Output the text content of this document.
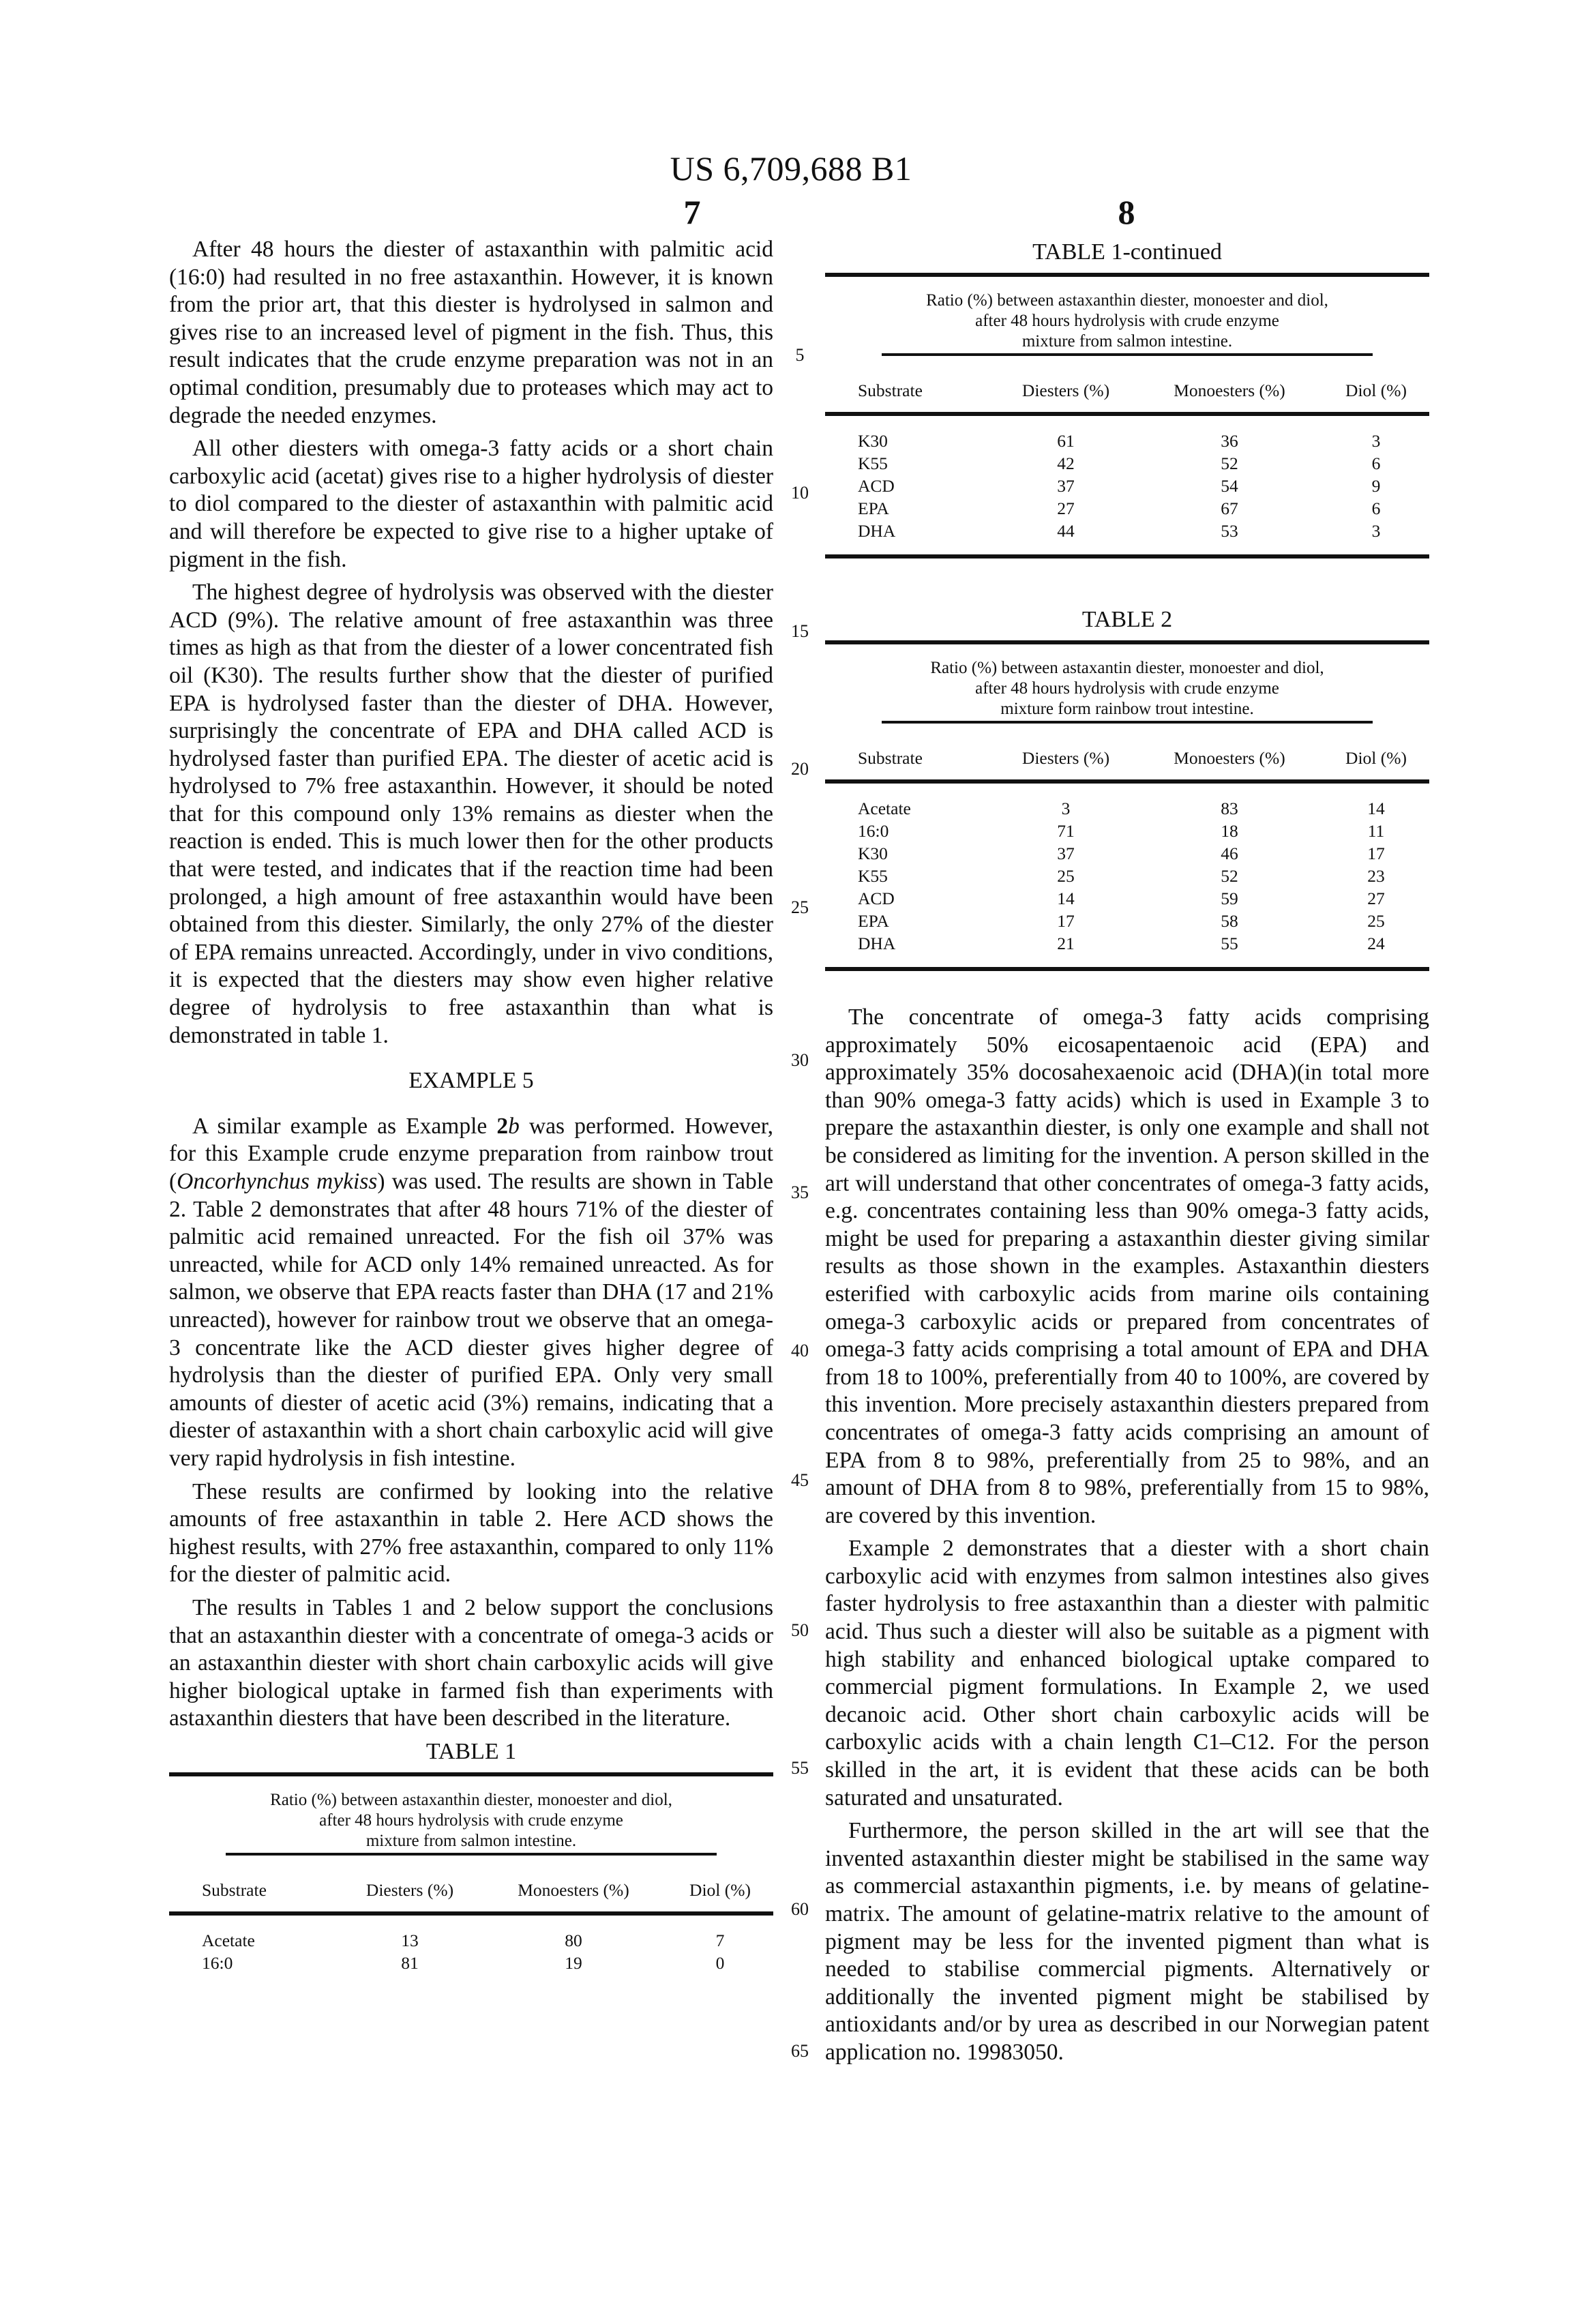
US 6,709,688 B1
7	8

After 48 hours the diester of astaxanthin with palmitic acid (16:0) had resulted in no free astaxanthin. However, it is known from the prior art, that this diester is hydrolysed in salmon and gives rise to an increased level of pigment in the fish. Thus, this result indicates that the crude enzyme preparation was not in an optimal condition, presumably due to proteases which may act to degrade the needed enzymes.

All other diesters with omega-3 fatty acids or a short chain carboxylic acid (acetat) gives rise to a higher hydrolysis of diester to diol compared to the diester of astaxanthin with palmitic acid and will therefore be expected to give rise to a higher uptake of pigment in the fish.

The highest degree of hydrolysis was observed with the diester ACD (9%). The relative amount of free astaxanthin was three times as high as that from the diester of a lower concentrated fish oil (K30). The results further show that the diester of purified EPA is hydrolysed faster than the diester of DHA. However, surprisingly the concentrate of EPA and DHA called ACD is hydrolysed faster than purified EPA. The diester of acetic acid is hydrolysed to 7% free astaxanthin. However, it should be noted that for this compound only 13% remains as diester when the reaction is ended. This is much lower then for the other products that were tested, and indicates that if the reaction time had been prolonged, a high amount of free astaxanthin would have been obtained from this diester. Similarly, the only 27% of the diester of EPA remains unreacted. Accordingly, under in vivo conditions, it is expected that the diesters may show even higher relative degree of hydrolysis to free astaxanthin than what is demonstrated in table 1.

EXAMPLE 5

A similar example as Example 2b was performed. However, for this Example crude enzyme preparation from rainbow trout (Oncorhynchus mykiss) was used. The results are shown in Table 2. Table 2 demonstrates that after 48 hours 71% of the diester of palmitic acid remained unreacted. For the fish oil 37% was unreacted, while for ACD only 14% remained unreacted. As for salmon, we observe that EPA reacts faster than DHA (17 and 21% unreacted), however for rainbow trout we observe that an omega-3 concentrate like the ACD diester gives higher degree of hydrolysis than the diester of purified EPA. Only very small amounts of diester of acetic acid (3%) remains, indicating that a diester of astaxanthin with a short chain carboxylic acid will give very rapid hydrolysis in fish intestine.

These results are confirmed by looking into the relative amounts of free astaxanthin in table 2. Here ACD shows the highest results, with 27% free astaxanthin, compared to only 11% for the diester of palmitic acid.

The results in Tables 1 and 2 below support the conclusions that an astaxanthin diester with a concentrate of omega-3 acids or an astaxanthin diester with short chain carboxylic acids will give higher biological uptake in farmed fish than experiments with astaxanthin diesters that have been described in the literature.

TABLE 1
Ratio (%) between astaxanthin diester, monoester and diol,
after 48 hours hydrolysis with crude enzyme
mixture from salmon intestine.
Substrate	Diesters (%)	Monoesters (%)	Diol (%)
Acetate	13	80	7
16:0	81	19	0
5
10
15
20
25
30
35
40
45
50
55
60
65
TABLE 1-continued
Ratio (%) between astaxanthin diester, monoester and diol,
after 48 hours hydrolysis with crude enzyme
mixture from salmon intestine.
Substrate	Diesters (%)	Monoesters (%)	Diol (%)
K30	61	36	3
K55	42	52	6
ACD	37	54	9
EPA	27	67	6
DHA	44	53	3
TABLE 2
Ratio (%) between astaxantin diester, monoester and diol,
after 48 hours hydrolysis with crude enzyme
mixture form rainbow trout intestine.
Substrate	Diesters (%)	Monoesters (%)	Diol (%)
Acetate	3	83	14
16:0	71	18	11
K30	37	46	17
K55	25	52	23
ACD	14	59	27
EPA	17	58	25
DHA	21	55	24

The concentrate of omega-3 fatty acids comprising approximately 50% eicosapentaenoic acid (EPA) and approximately 35% docosahexaenoic acid (DHA)(in total more than 90% omega-3 fatty acids) which is used in Example 3 to prepare the astaxanthin diester, is only one example and shall not be considered as limiting for the invention. A person skilled in the art will understand that other concentrates of omega-3 fatty acids, e.g. concentrates containing less than 90% omega-3 fatty acids, might be used for preparing a astaxanthin diester giving similar results as those shown in the examples. Astaxanthin diesters esterified with carboxylic acids from marine oils containing omega-3 carboxylic acids or prepared from concentrates of omega-3 fatty acids comprising a total amount of EPA and DHA from 18 to 100%, preferentially from 40 to 100%, are covered by this invention. More precisely astaxanthin diesters prepared from concentrates of omega-3 fatty acids comprising an amount of EPA from 8 to 98%, preferentially from 25 to 98%, and an amount of DHA from 8 to 98%, preferentially from 15 to 98%, are covered by this invention.

Example 2 demonstrates that a diester with a short chain carboxylic acid with enzymes from salmon intestines also gives faster hydrolysis to free astaxanthin than a diester with palmitic acid. Thus such a diester will also be suitable as a pigment with high stability and enhanced biological uptake compared to commercial pigment formulations. In Example 2, we used decanoic acid. Other short chain carboxylic acids will be carboxylic acids with a chain length C1–C12. For the person skilled in the art, it is evident that these acids can be both saturated and unsaturated.

Furthermore, the person skilled in the art will see that the invented astaxanthin diester might be stabilised in the same way as commercial astaxanthin pigments, i.e. by means of gelatine-matrix. The amount of gelatine-matrix relative to the amount of pigment may be less for the invented pigment than what is needed to stabilise commercial pigments. Alternatively or additionally the invented pigment might be stabilised by antioxidants and/or by urea as described in our Norwegian patent application no. 19983050.
